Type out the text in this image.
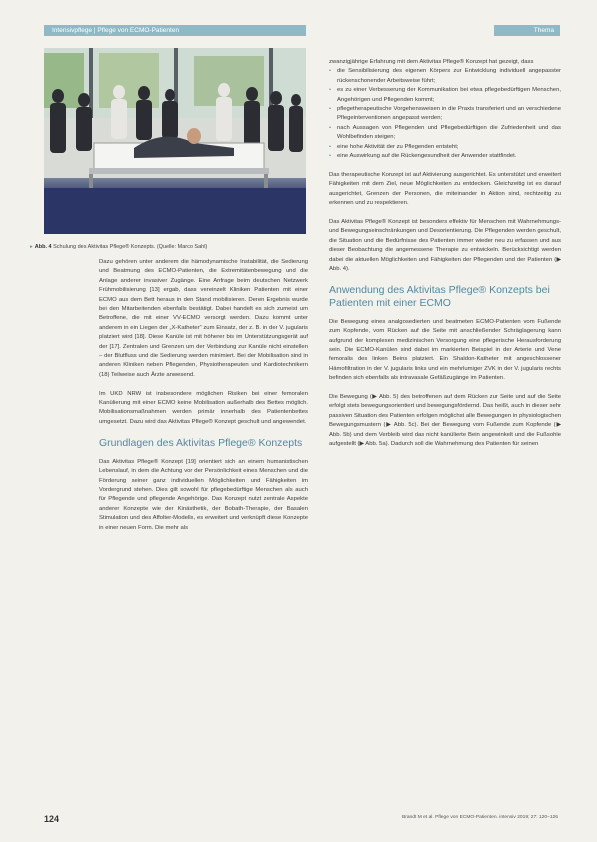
Intensivpflege | Pflege von ECMO-Patienten	Thema
▸ Abb. 4 Schulung des Aktivitas Pflege® Konzepts. (Quelle: Marco Sahl)

Dazu gehören unter anderem die hämodynamische Instabilität, die Sedierung und Beatmung des ECMO-Patienten, die Extremitätenbewegung und die Anlage anderer invasiver Zugänge. Eine Anfrage beim deutschen Netzwerk Frühmobilisierung [13] ergab, dass vereinzelt Kliniken Patienten mit einer ECMO aus dem Bett heraus in den Stand mobilisieren. Deren Ergebnis wurde bei den Mitarbeitenden ebenfalls bestätigt. Dabei handelt es sich zumeist um Betroffene, die mit einer VV-ECMO versorgt werden. Dazu kommt unter anderem in ein Liegen der „X-Katheter“ zum Einsatz, der z. B. in der V. jugularis platziert wird [18]. Diese Kanüle ist mit höherer bis im Unterstützungsgerät auf der [17]. Zentralen und Grenzen um der Verbindung zur Kanüle nicht einstellen – der Blutfluss und die Sedierung werden minimiert. Bei der Mobilisation sind in anderen Kliniken neben Pflegenden, Physiotherapeuten und Kardiotechnikern (18) Teilweise auch Ärzte anwesend.

Im UKD NRW ist insbesondere möglichen Risiken bei einer femoralen Kanülierung mit einer ECMO keine Mobilisation außerhalb des Bettes möglich. Mobilisationsmaßnahmen werden primär innerhalb des Patientenbettes umgesetzt. Dazu wird das Aktivitas Pflege® Konzept geschult und angewendet.

Grundlagen des Aktivitas Pflege® Konzepts

Das Aktivitas Pflege® Konzept [19] orientiert sich an einem humanistischen Lebenslauf, in dem die Achtung vor der Persönlichkeit eines Menschen und die Förderung seiner ganz individuellen Möglichkeiten und Fähigkeiten im Vordergrund stehen. Dies gilt sowohl für pflegebedürftige Menschen als auch für Pflegende und pflegende Angehörige. Das Konzept nutzt zentrale Aspekte anderer Konzepte wie der Kinästhetik, der Bobath-Therapie, der Basalen Stimulation und des Affolter-Modells, es erweitert und verknüpft diese Konzepte in einer neuen Form. Die mehr als

zwanzigjährige Erfahrung mit dem Aktivitas Pflege® Konzept hat gezeigt, dass

• die Sensibilisierung des eigenen Körpers zur Entwicklung individuell angepasster rückenschonender Arbeitsweise führt;
• es zu einer Verbesserung der Kommunikation bei etwa pflegebedürftigen Menschen, Angehörigen und Pflegenden kommt;
• pflegetherapeutische Vorgehensweisen in die Praxis transferiert und an verschiedene Pflegeinterventionen angepasst werden;
• nach Aussagen von Pflegenden und Pflegebedürftigen die Zufriedenheit und das Wohlbefinden steigen;
• eine hohe Aktivität der zu Pflegenden entsteht;
• eine Auswirkung auf die Rückengesundheit der Anwender stattfindet.

Das therapeutische Konzept ist auf Aktivierung ausgerichtet. Es unterstützt und erweitert Fähigkeiten mit dem Ziel, neue Möglichkeiten zu entdecken. Gleichzeitig ist es darauf ausgerichtet, Grenzen der Personen, die miteinander in Aktion sind, rechtzeitig zu erkennen und zu respektieren.

Das Aktivitas Pflege® Konzept ist besonders effektiv für Menschen mit Wahrnehmungs- und Bewegungseinschränkungen und Desorientierung. Die Pflegenden werden geschult, die Situation und die Bedürfnisse des Patienten immer wieder neu zu erfassen und aus dieser Beobachtung die angemessene Therapie zu entwickeln. Berücksichtigt werden dabei die aktuellen Möglichkeiten und Fähigkeiten der Pflegenden und der Patienten (▶ Abb. 4).

Anwendung des Aktivitas Pflege® Konzepts bei Patienten mit einer ECMO

Die Bewegung eines analgosedierten und beatmeten ECMO-Patienten vom Fußende zum Kopfende, vom Rücken auf die Seite mit anschließender Schräglagerung kann aufgrund der komplexen medizinischen Versorgung eine pflegerische Herausforderung sein. Die ECMO-Kanülen sind dabei im markierten Beispiel in der Arterie und Vene femoralis des linken Beins platziert. Ein Shaldon-Katheter mit angeschlossener Hämofiltration in der V. jugularis links und ein mehrlumiger ZVK in der V. jugularis rechts befinden sich ebenfalls als intravasale Gefäßzugänge im Patienten.

Die Bewegung (▶ Abb. 5) des betroffenen auf dem Rücken zur Seite und auf die Seite erfolgt stets bewegungsorientiert und bewegungsfördernd. Das heißt, auch in dieser sehr passiven Situation des Patienten erfolgen möglichst alle Bewegungen in physiologischen Bewegungsmustern (▶ Abb. 5c). Bei der Bewegung vom Fußende zum Kopfende (▶ Abb. 5b) und dem Verbleib wird das nicht kanülierte Bein angewinkelt und die Fußsohle aufgestellt (▶ Abb. 5a). Dadurch soll die Wahrnehmung des Patienten für seinen

124	Brandt M et al. Pflege von ECMO-Patienten. intensiv 2019; 27: 120–126
